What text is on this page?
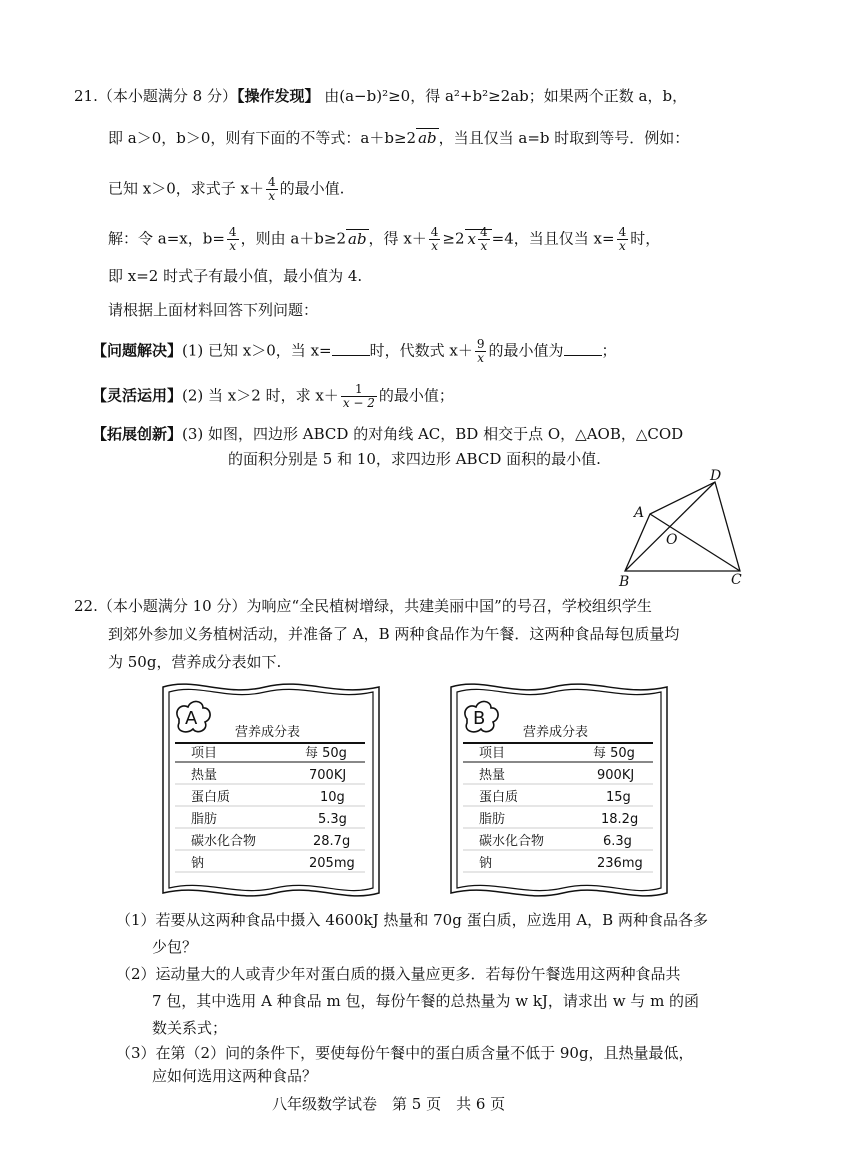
21.（本小题满分 8 分）【操作发现】 由(a−b)²≥0，得 a²+b²≥2ab；如果两个正数 a，b，
即 a＞0，b＞0，则有下面的不等式：a＋b≥2 ab ，当且仅当 a=b 时取到等号．例如：
已知 x＞0，求式子 $x+ \frac{4}{x}$ 的最小值.
解：令 a=x，$b= \frac{4}{x}$ ，则由 a＋b≥2 ab ，得 $x+ \frac{4}{x} \ge 2$ x $\frac{4}{x} =4$，当且仅当 $x= \frac{4}{x}$ 时，
即 x=2 时式子有最小值，最小值为 4.
请根据上面材料回答下列问题：
【问题解决】(1) 已知 x＞0，当 x=	时，代数式 $x+ \frac{9}{x}$ 的最小值为	；
【灵活运用】(2) 当 x＞2 时，求 $x+ \frac{1}{x - 2}$ 的最小值；
【拓展创新】(3) 如图，四边形 ABCD 的对角线 AC，BD 相交于点 O，△AOB，△COD
的面积分别是 5 和 10，求四边形 ABCD 面积的最小值.
A
D
O
B	C
22.（本小题满分 10 分）为响应“全民植树增绿，共建美丽中国”的号召，学校组织学生
到郊外参加义务植树活动，并准备了 A，B 两种食品作为午餐．这两种食品每包质量均
为 50g，营养成分表如下.
A
营养成分表
项目	每 50g
热量	700KJ
蛋白质	10g
脂肪	5.3g
碳水化合物	28.7g
钠	205mg
B
营养成分表
项目	每 50g
热量	900KJ
蛋白质	15g
脂肪	18.2g
碳水化合物	6.3g
钠	236mg
（1）若要从这两种食品中摄入 4600kJ 热量和 70g 蛋白质，应选用 A，B 两种食品各多
少包？
（2）运动量大的人或青少年对蛋白质的摄入量应更多．若每份午餐选用这两种食品共
7 包，其中选用 A 种食品 m 包，每份午餐的总热量为 w kJ，请求出 w 与 m 的函
数关系式；
（3）在第（2）问的条件下，要使每份午餐中的蛋白质含量不低于 90g，且热量最低，
应如何选用这两种食品？
八年级数学试卷　第 5 页　共 6 页
